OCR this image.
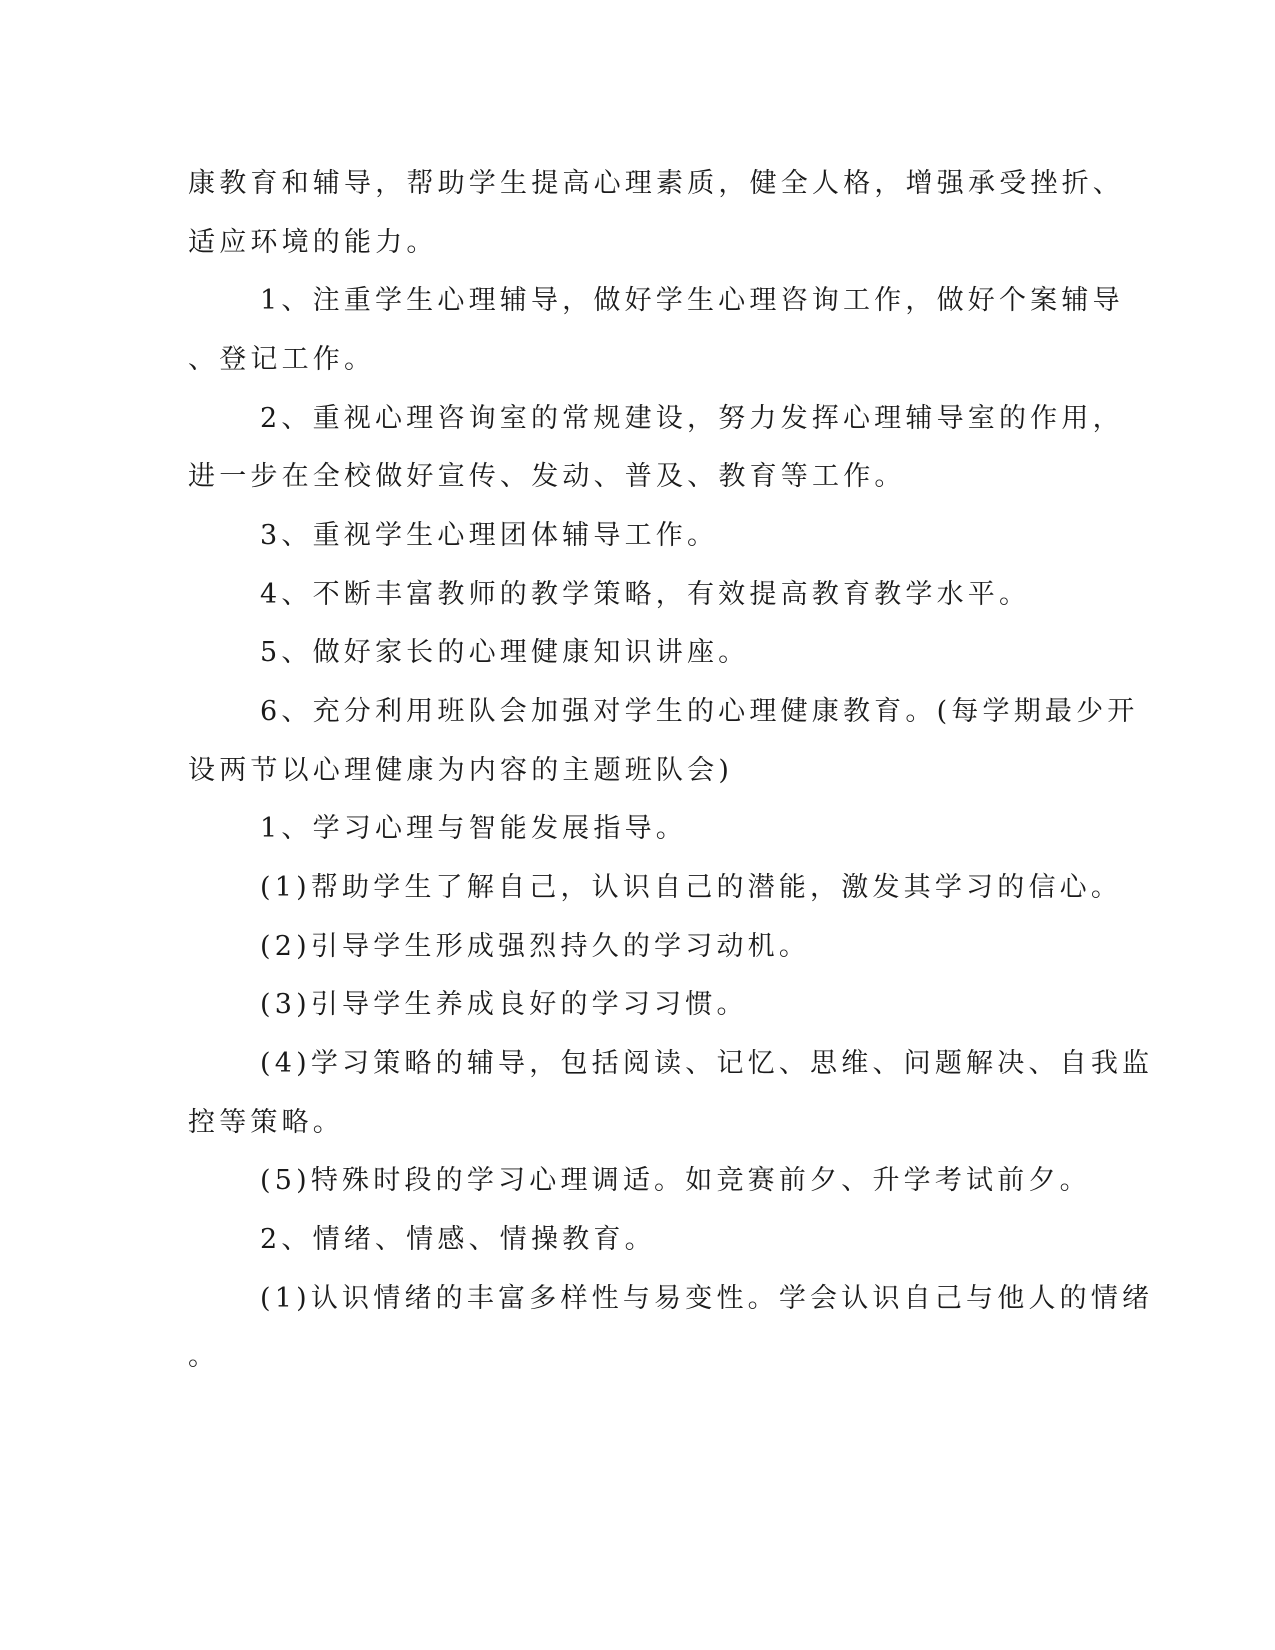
康教育和辅导，帮助学生提高心理素质，健全人格，增强承受挫折、
适应环境的能力。
1、注重学生心理辅导，做好学生心理咨询工作，做好个案辅导
、登记工作。
2、重视心理咨询室的常规建设，努力发挥心理辅导室的作用，
进一步在全校做好宣传、发动、普及、教育等工作。
3、重视学生心理团体辅导工作。
4、不断丰富教师的教学策略，有效提高教育教学水平。
5、做好家长的心理健康知识讲座。
6、充分利用班队会加强对学生的心理健康教育。(每学期最少开
设两节以心理健康为内容的主题班队会)
1、学习心理与智能发展指导。
(1)帮助学生了解自己，认识自己的潜能，激发其学习的信心。
(2)引导学生形成强烈持久的学习动机。
(3)引导学生养成良好的学习习惯。
(4)学习策略的辅导，包括阅读、记忆、思维、问题解决、自我监
控等策略。
(5)特殊时段的学习心理调适。如竞赛前夕、升学考试前夕。
2、情绪、情感、情操教育。
(1)认识情绪的丰富多样性与易变性。学会认识自己与他人的情绪
。
